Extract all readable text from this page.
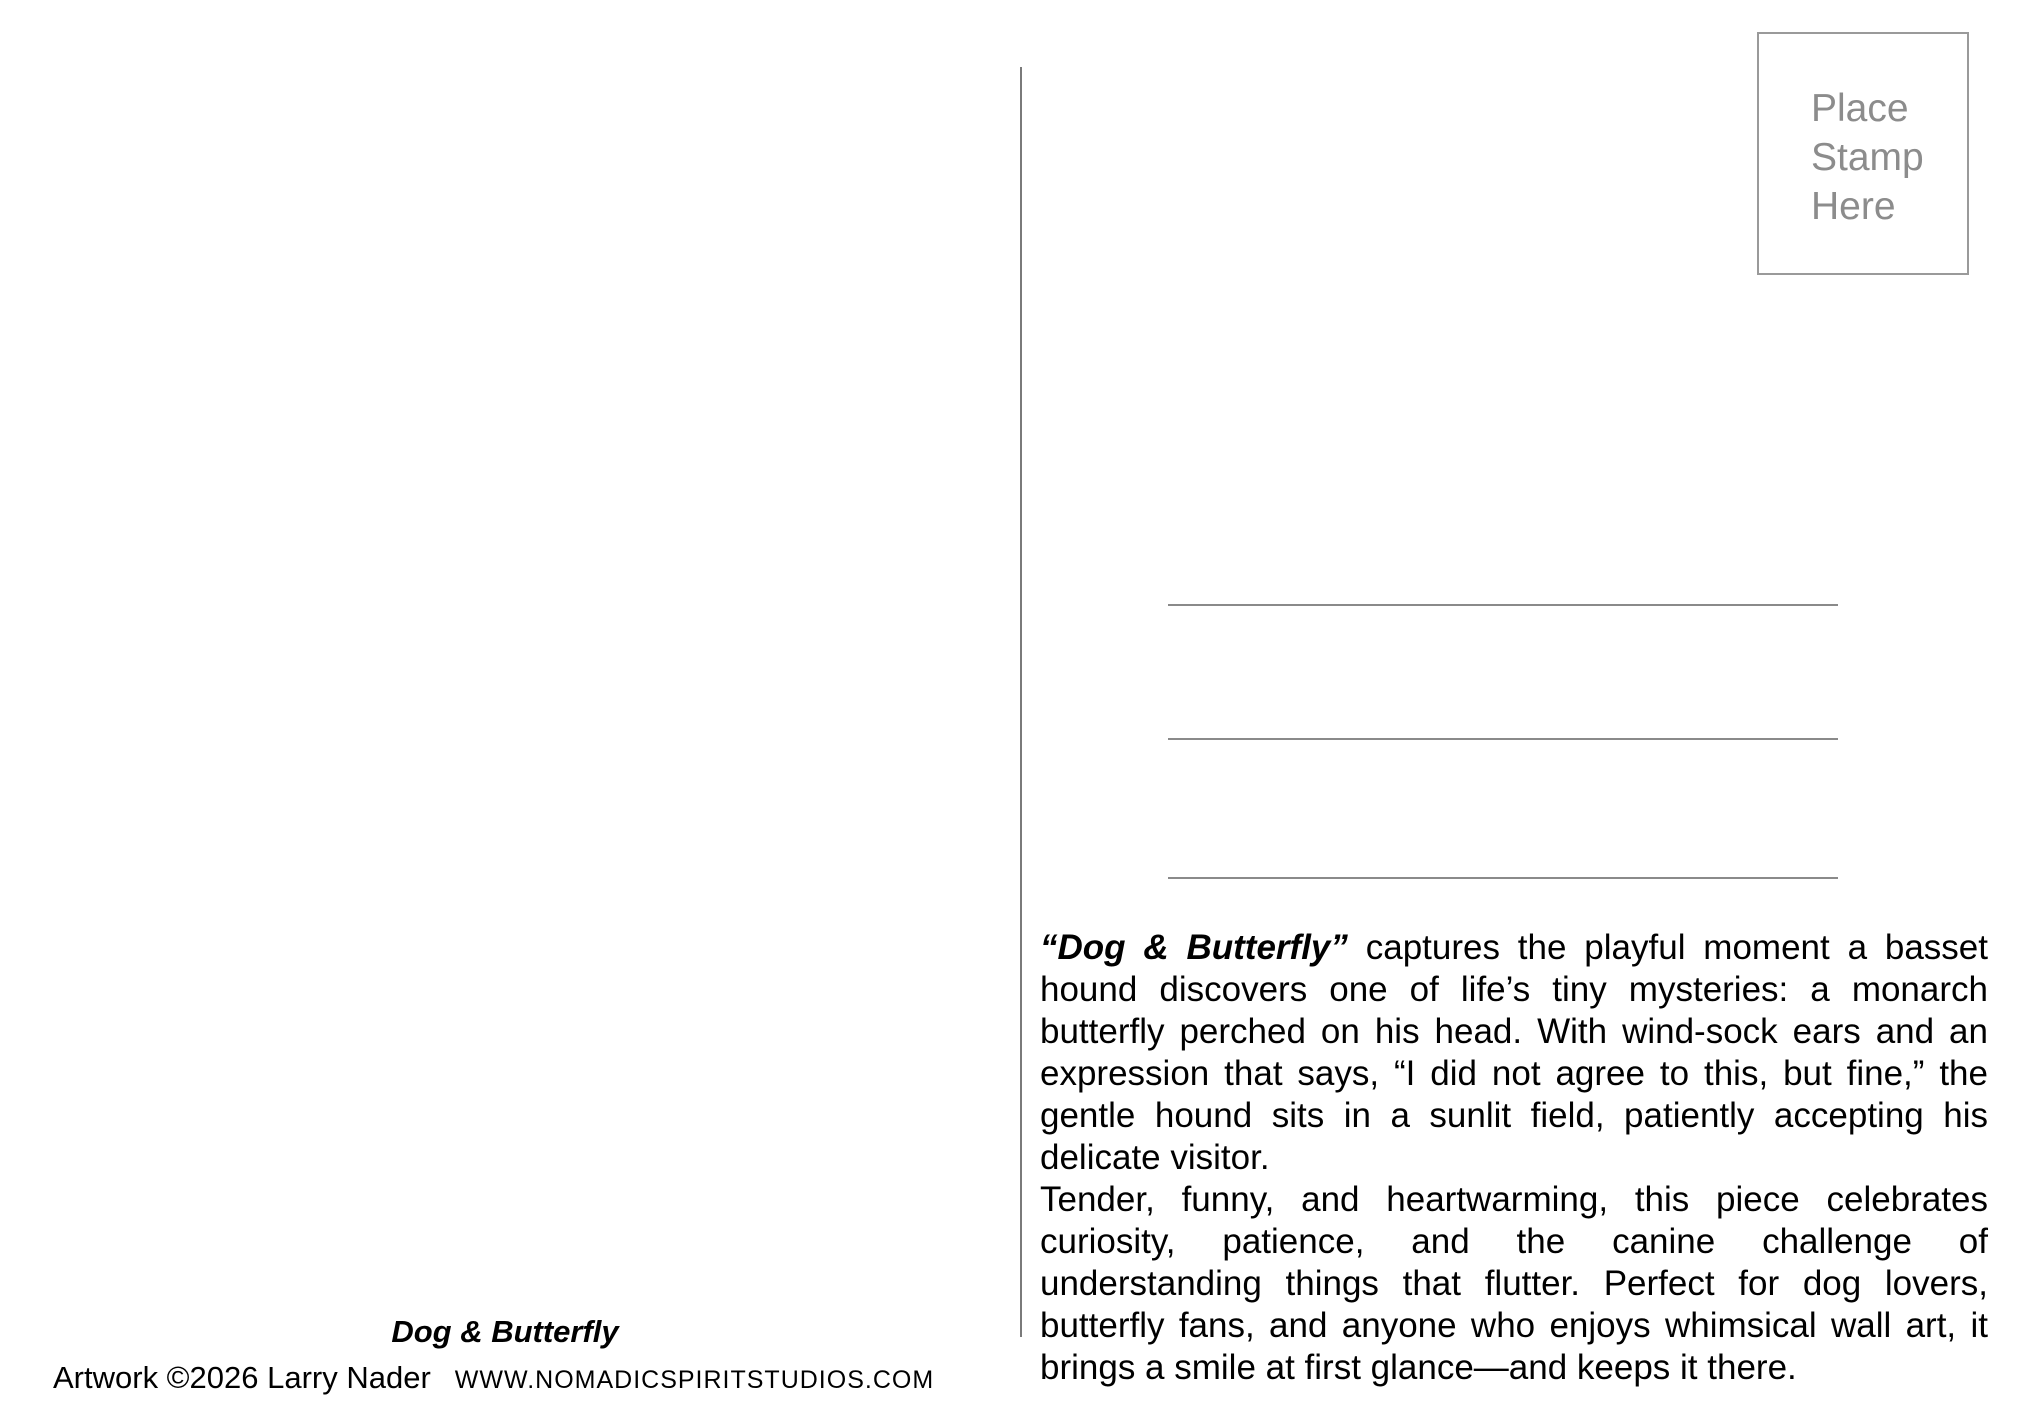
Place
Stamp
Here

“Dog & Butterfly” captures the playful moment a basset hound discovers one of life’s tiny mysteries: a monarch butterfly perched on his head. With wind-sock ears and an expression that says, “I did not agree to this, but fine,” the gentle hound sits in a sunlit field, patiently accepting his delicate visitor.

Tender, funny, and heartwarming, this piece celebrates curiosity, patience, and the canine challenge of understanding things that flutter. Perfect for dog lovers, butterfly fans, and anyone who enjoys whimsical wall art, it brings a smile at first glance—and keeps it there.

Dog & Butterfly
Artwork ©2026 Larry Nader WWW.NOMADICSPIRITSTUDIOS.COM
